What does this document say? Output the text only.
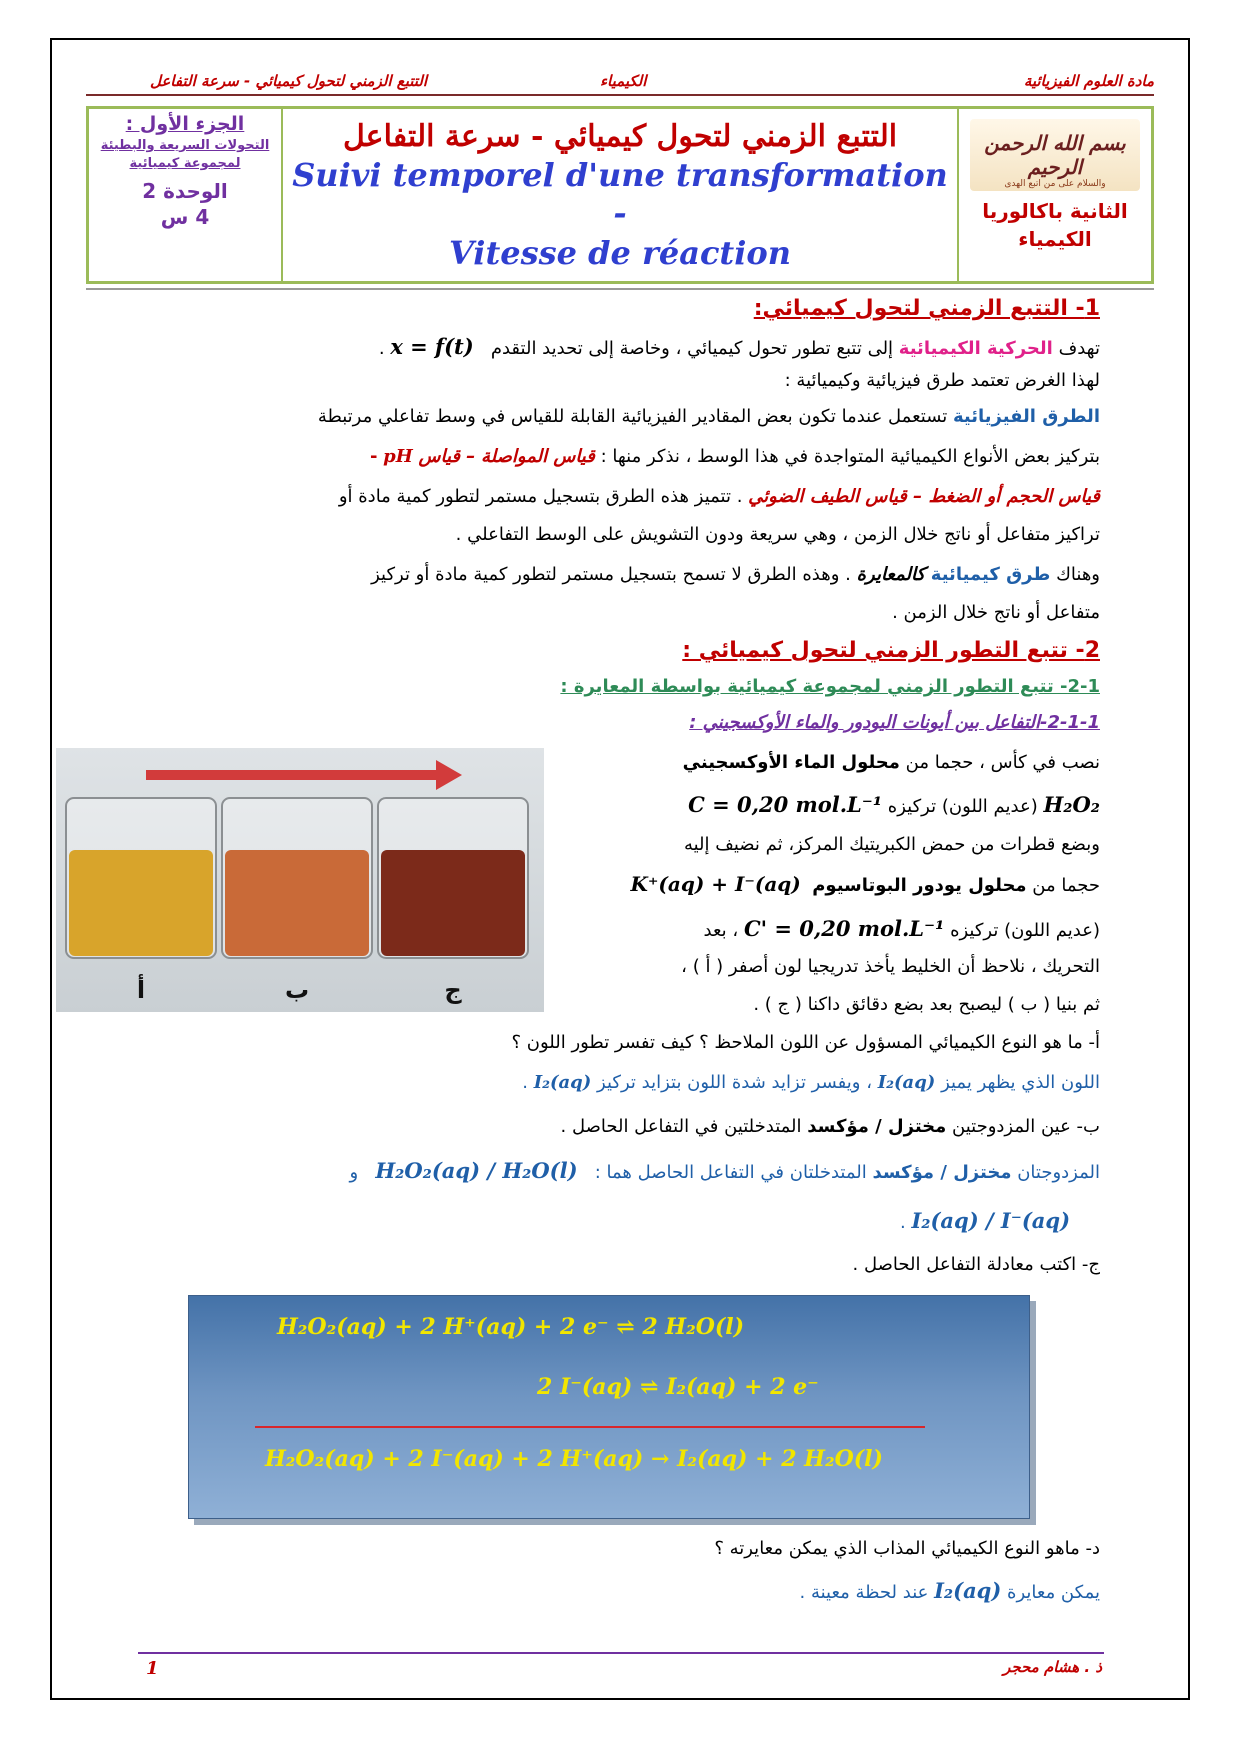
التتبع الزمني لتحول كيميائي - سرعة التفاعل	الكيمياء	مادة العلوم الفيزيائية
الجزء الأول :
التحولات السريعة والبطيئة لمجموعة كيميائية
الوحدة 2
4 س
التتبع الزمني لتحول كيميائي - سرعة التفاعل
Suivi temporel d'une transformation -
Vitesse de réaction
بسم الله الرحمن الرحيم
والسلام على من اتبع الهدى
الثانية باكالوريا
الكيمياء
1- التتبع الزمني لتحول كيميائي:
تهدف الحركية الكيميائية إلى تتبع تطور تحول كيميائي ، وخاصة إلى تحديد التقدم   x = f(t) .
لهذا الغرض تعتمد طرق فيزيائية وكيميائية :
الطرق الفيزيائية تستعمل عندما تكون بعض المقادير الفيزيائية القابلة للقياس في وسط تفاعلي مرتبطة
بتركيز بعض الأنواع الكيميائية المتواجدة في هذا الوسط ، نذكر منها : قياس المواصلة – قياس pH -
قياس الحجم أو الضغط – قياس الطيف الضوئي . تتميز هذه الطرق بتسجيل مستمر لتطور كمية مادة أو
تراكيز متفاعل أو ناتج خلال الزمن ، وهي سريعة ودون التشويش على الوسط التفاعلي .
وهناك طرق كيميائية كالمعايرة . وهذه الطرق لا تسمح بتسجيل مستمر لتطور كمية مادة أو تركيز
متفاعل أو ناتج خلال الزمن .
2- تتبع التطور الزمني لتحول كيميائي :
2-1- تتبع التطور الزمني لمجموعة كيميائية بواسطة المعايرة :
2-1-1-التفاعل بين أيونات اليودور والماء الأوكسجيني :
أ	ب	ج
نصب في كأس ، حجما من محلول الماء الأوكسجيني
H₂O₂ (عديم اللون) تركيزه C = 0,20 mol.L⁻¹
وبضع قطرات من حمض الكبريتيك المركز، ثم نضيف إليه
حجما من محلول يودور البوتاسيوم  K⁺(aq) + I⁻(aq)
(عديم اللون) تركيزه C' = 0,20 mol.L⁻¹ ، بعد
التحريك ، نلاحظ أن الخليط يأخذ تدريجيا لون أصفر ( أ ) ،
ثم بنيا ( ب ) ليصبح بعد بضع دقائق داكنا ( ج ) .
أ- ما هو النوع الكيميائي المسؤول عن اللون الملاحظ ؟ كيف تفسر تطور اللون ؟
اللون الذي يظهر يميز I₂(aq) ، ويفسر تزايد شدة اللون بتزايد تركيز I₂(aq) .
ب- عين المزدوجتين مختزل / مؤكسد المتدخلتين في التفاعل الحاصل .
المزدوجتان مختزل / مؤكسد المتدخلتان في التفاعل الحاصل هما :   H₂O₂(aq) / H₂O(l)   و
I₂(aq) / I⁻(aq) .
ج- اكتب معادلة التفاعل الحاصل .
H₂O₂(aq) + 2 H⁺(aq) + 2 e⁻ ⇌ 2 H₂O(l)
2 I⁻(aq) ⇌ I₂(aq) + 2 e⁻
H₂O₂(aq) + 2 I⁻(aq) + 2 H⁺(aq) → I₂(aq) + 2 H₂O(l)
د- ماهو النوع الكيميائي المذاب الذي يمكن معايرته ؟
يمكن معايرة I₂(aq) عند لحظة معينة .
1	ذ . هشام محجر
